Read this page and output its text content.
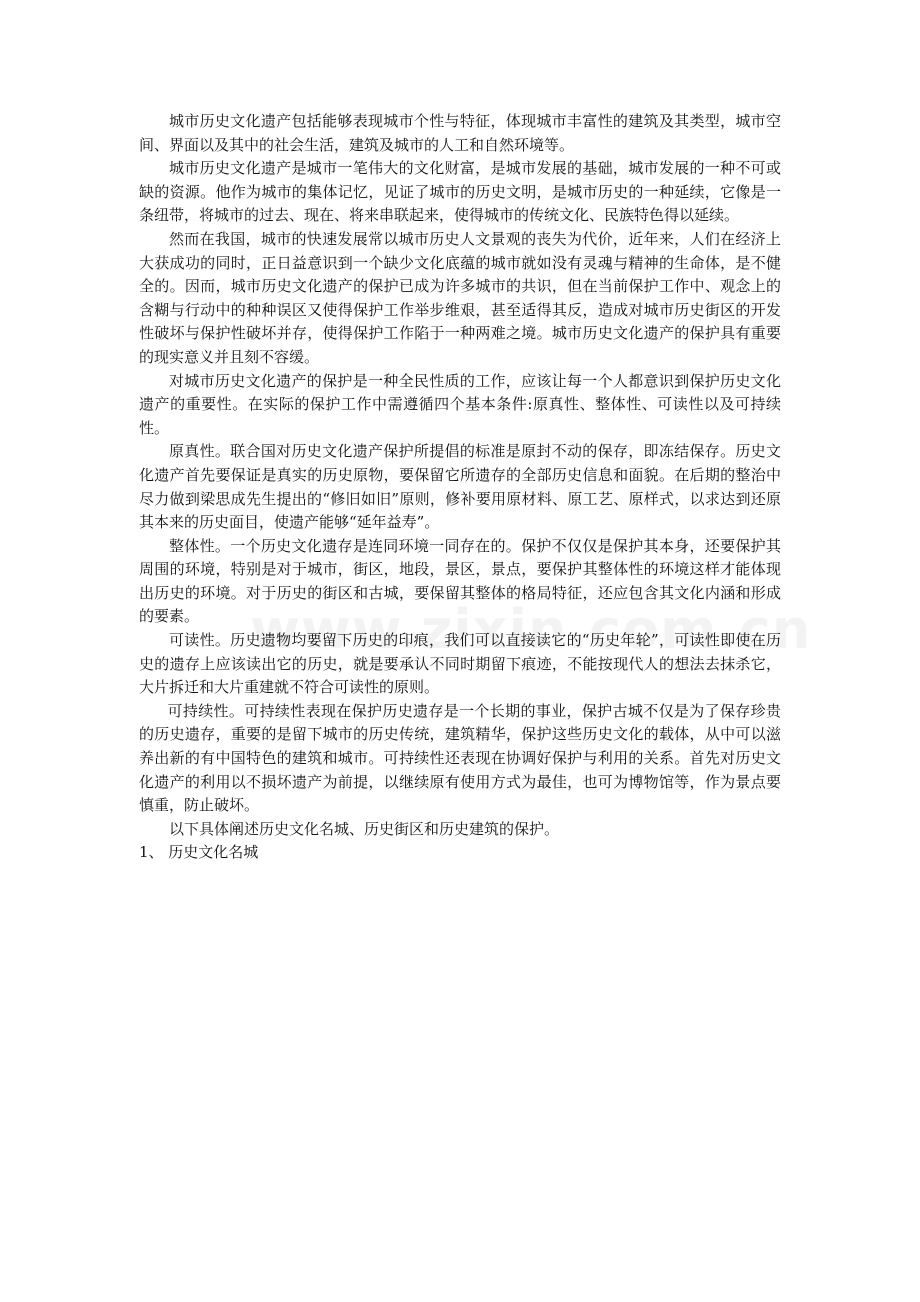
城市历史文化遗产包括能够表现城市个性与特征，体现城市丰富性的建筑及其类型，城市空间、界面以及其中的社会生活，建筑及城市的人工和自然环境等。

城市历史文化遗产是城市一笔伟大的文化财富，是城市发展的基础，城市发展的一种不可或缺的资源。他作为城市的集体记忆，见证了城市的历史文明，是城市历史的一种延续，它像是一条纽带，将城市的过去、现在、将来串联起来，使得城市的传统文化、民族特色得以延续。

然而在我国，城市的快速发展常以城市历史人文景观的丧失为代价，近年来，人们在经济上大获成功的同时，正日益意识到一个缺少文化底蕴的城市就如没有灵魂与精神的生命体，是不健全的。因而，城市历史文化遗产的保护已成为许多城市的共识，但在当前保护工作中、观念上的含糊与行动中的种种误区又使得保护工作举步维艰，甚至适得其反，造成对城市历史街区的开发性破坏与保护性破坏并存，使得保护工作陷于一种两难之境。城市历史文化遗产的保护具有重要的现实意义并且刻不容缓。

对城市历史文化遗产的保护是一种全民性质的工作，应该让每一个人都意识到保护历史文化遗产的重要性。在实际的保护工作中需遵循四个基本条件:原真性、整体性、可读性以及可持续性。

原真性。联合国对历史文化遗产保护所提倡的标准是原封不动的保存，即冻结保存。历史文化遗产首先要保证是真实的历史原物，要保留它所遗存的全部历史信息和面貌。在后期的整治中尽力做到梁思成先生提出的“修旧如旧”原则，修补要用原材料、原工艺、原样式，以求达到还原其本来的历史面目，使遗产能够“延年益寿”。

整体性。一个历史文化遗存是连同环境一同存在的。保护不仅仅是保护其本身，还要保护其周围的环境，特别是对于城市，街区，地段，景区，景点，要保护其整体性的环境这样才能体现出历史的环境。对于历史的街区和古城，要保留其整体的格局特征，还应包含其文化内涵和形成的要素。

可读性。历史遗物均要留下历史的印痕，我们可以直接读它的“历史年轮”，可读性即使在历史的遗存上应该读出它的历史，就是要承认不同时期留下痕迹，不能按现代人的想法去抹杀它，大片拆迁和大片重建就不符合可读性的原则。

可持续性。可持续性表现在保护历史遗存是一个长期的事业，保护古城不仅是为了保存珍贵的历史遗存，重要的是留下城市的历史传统，建筑精华，保护这些历史文化的载体，从中可以滋养出新的有中国特色的建筑和城市。可持续性还表现在协调好保护与利用的关系。首先对历史文化遗产的利用以不损坏遗产为前提，以继续原有使用方式为最佳，也可为博物馆等，作为景点要慎重，防止破坏。

以下具体阐述历史文化名城、历史街区和历史建筑的保护。

1、 历史文化名城
